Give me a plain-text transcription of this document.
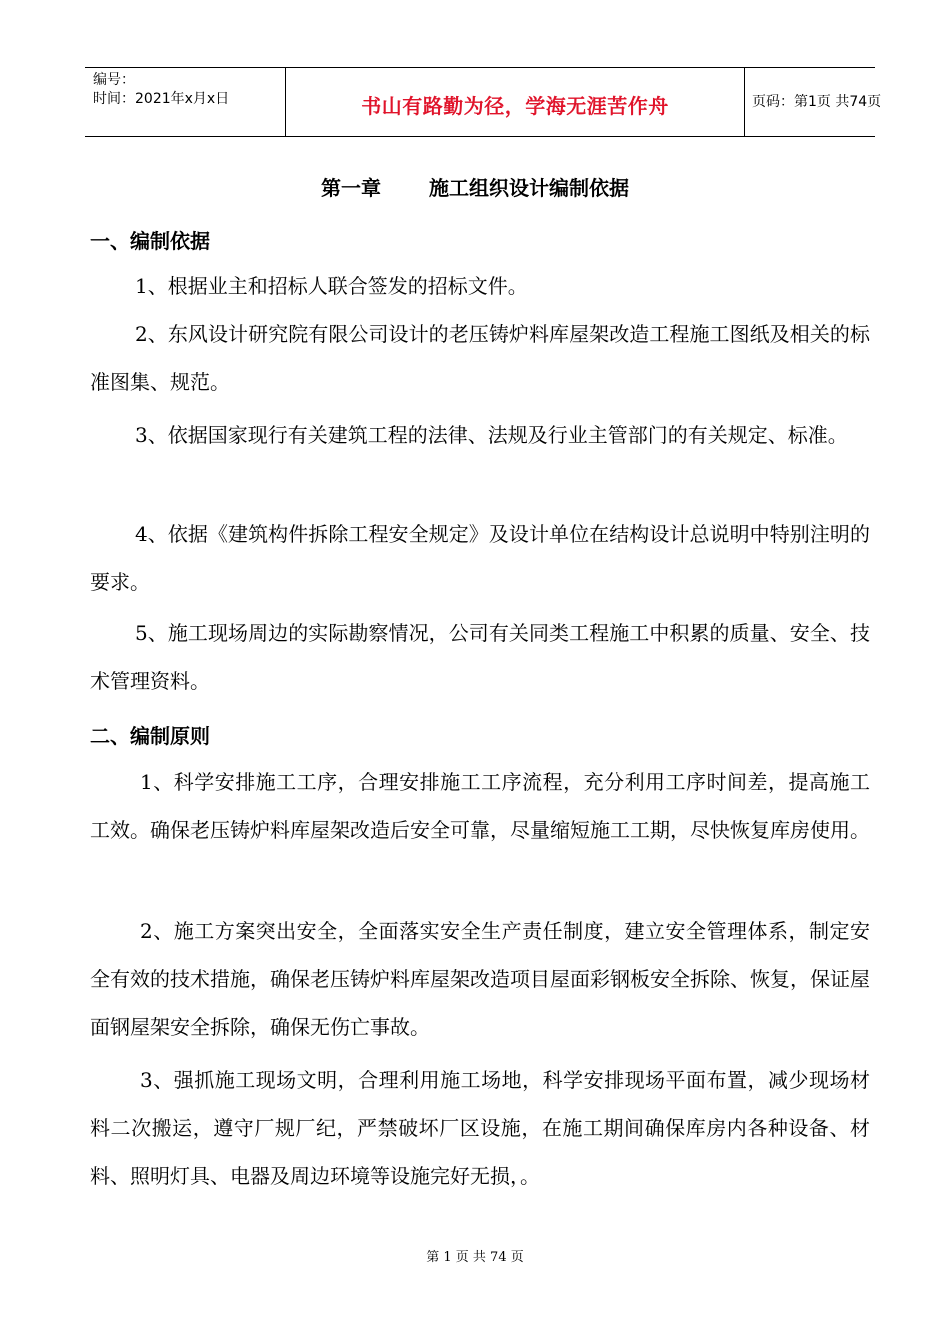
编号：
时间：2021年x月x日	书山有路勤为径，学海无涯苦作舟	页码：第1页 共74页
第一章 施工组织设计编制依据
一、编制依据
1、根据业主和招标人联合签发的招标文件。
2、东风设计研究院有限公司设计的老压铸炉料库屋架改造工程施工图纸及相关的标准图集、规范。
3、依据国家现行有关建筑工程的法律、法规及行业主管部门的有关规定、标准。
4、依据《建筑构件拆除工程安全规定》及设计单位在结构设计总说明中特别注明的要求。
5、施工现场周边的实际勘察情况，公司有关同类工程施工中积累的质量、安全、技术管理资料。
二、编制原则
1、科学安排施工工序，合理安排施工工序流程，充分利用工序时间差，提高施工工效。确保老压铸炉料库屋架改造后安全可靠，尽量缩短施工工期，尽快恢复库房使用。
2、施工方案突出安全，全面落实安全生产责任制度，建立安全管理体系，制定安全有效的技术措施，确保老压铸炉料库屋架改造项目屋面彩钢板安全拆除、恢复，保证屋面钢屋架安全拆除，确保无伤亡事故。
3、强抓施工现场文明，合理利用施工场地，科学安排现场平面布置，减少现场材料二次搬运，遵守厂规厂纪，严禁破坏厂区设施，在施工期间确保库房内各种设备、材料、照明灯具、电器及周边环境等设施完好无损，。
第 1 页 共 74 页
